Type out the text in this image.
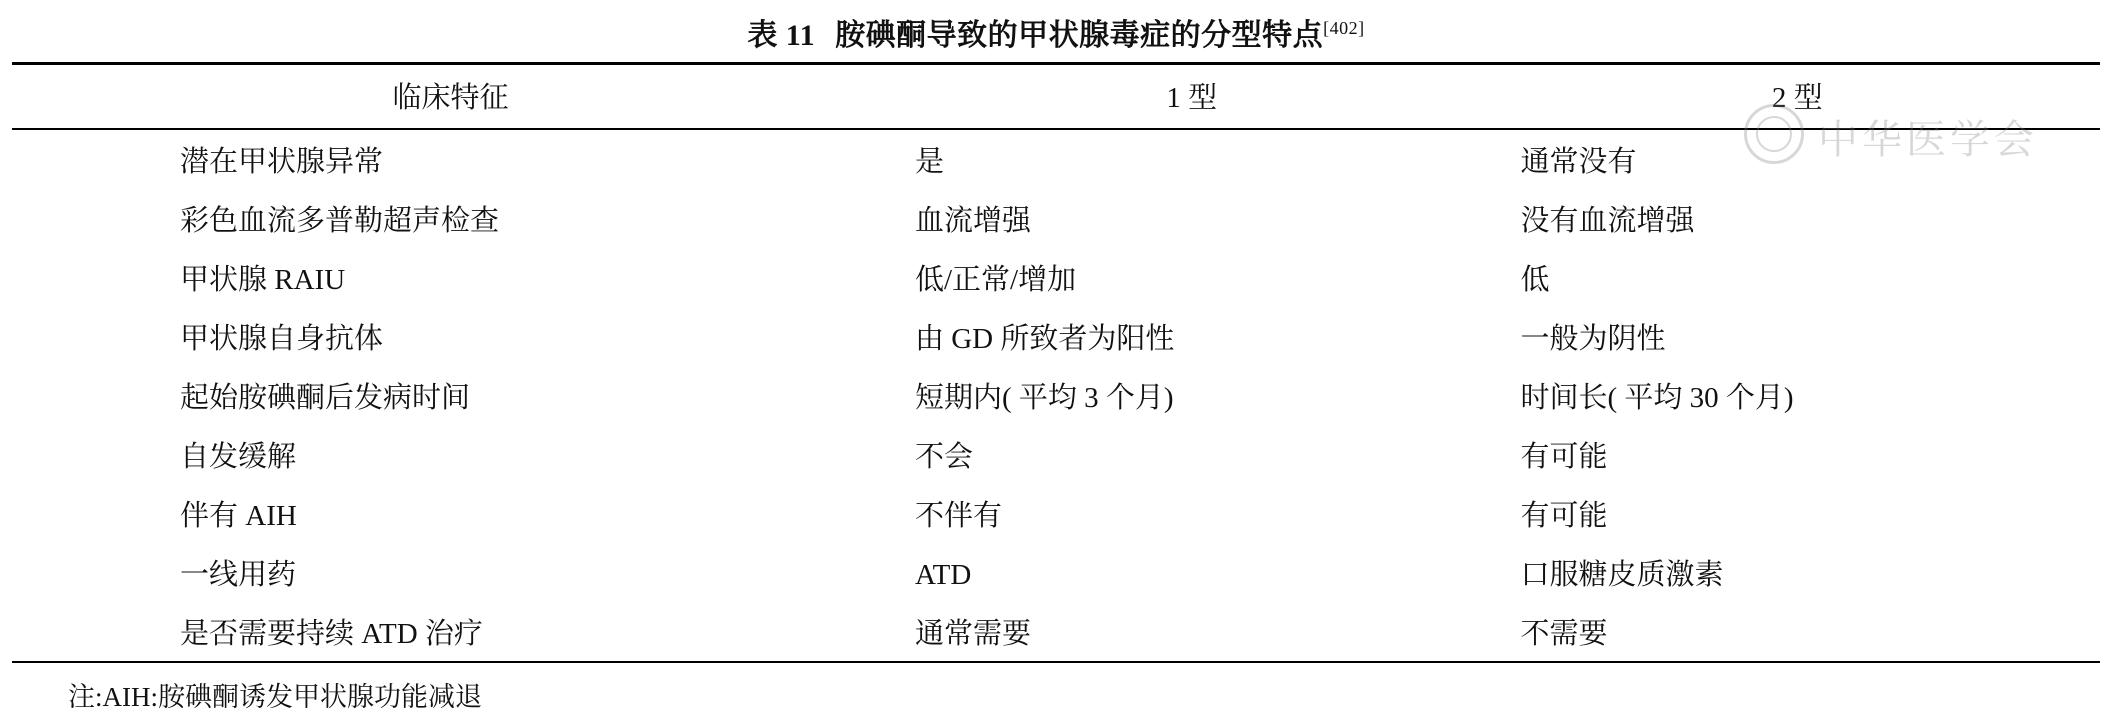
表 11 胺碘酮导致的甲状腺毒症的分型特点[402]
临床特征	1 型	2 型
潜在甲状腺异常	是	通常没有
彩色血流多普勒超声检查	血流增强	没有血流增强
甲状腺 RAIU	低/正常/增加	低
甲状腺自身抗体	由 GD 所致者为阳性	一般为阴性
起始胺碘酮后发病时间	短期内( 平均 3 个月)	时间长( 平均 30 个月)
自发缓解	不会	有可能
伴有 AIH	不伴有	有可能
一线用药	ATD	口服糖皮质激素
是否需要持续 ATD 治疗	通常需要	不需要
注:AIH:胺碘酮诱发甲状腺功能减退
中华医学会
